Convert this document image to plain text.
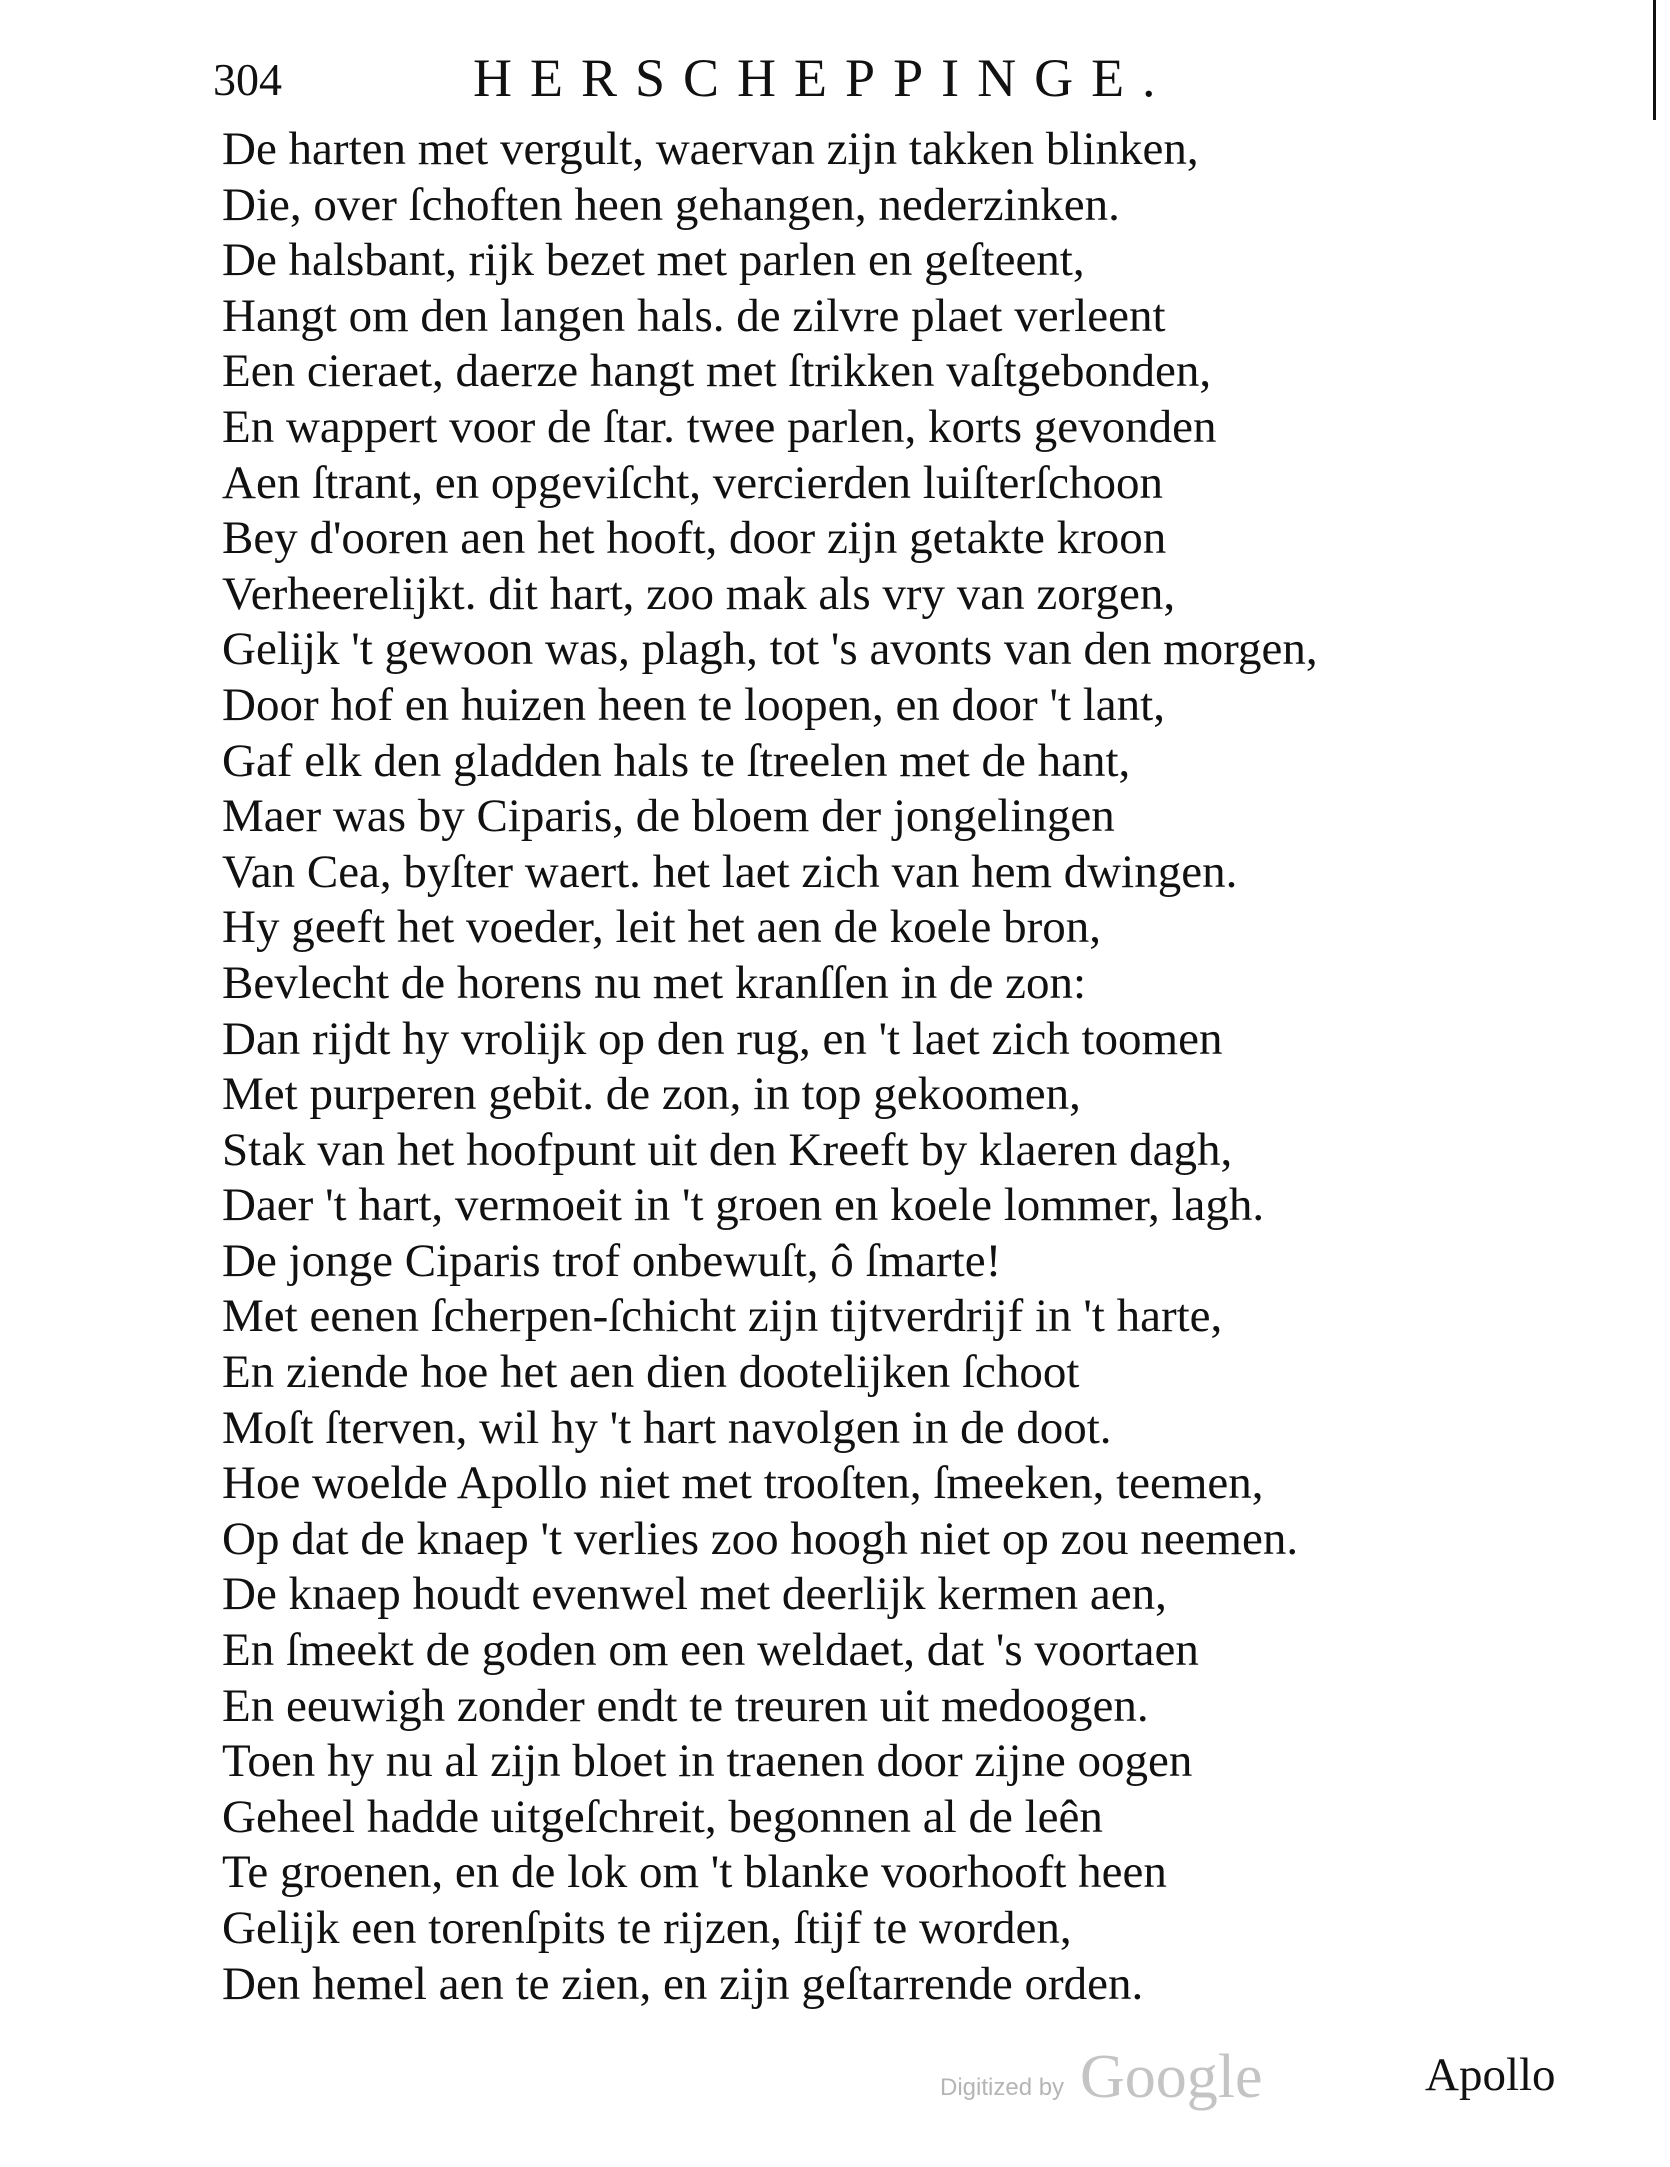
304	HERSCHEPPINGE.
De harten met vergult, waervan zijn takken blinken,
Die, over ſchoften heen gehangen, nederzinken.
De halsbant, rijk bezet met parlen en geſteent,
Hangt om den langen hals. de zilvre plaet verleent
Een cieraet, daerze hangt met ſtrikken vaſtgebonden,
En wappert voor de ſtar. twee parlen, korts gevonden
Aen ſtrant, en opgeviſcht, vercierden luiſterſchoon
Bey d'ooren aen het hooft, door zijn getakte kroon
Verheerelijkt. dit hart, zoo mak als vry van zorgen,
Gelijk 't gewoon was, plagh, tot 's avonts van den morgen,
Door hof en huizen heen te loopen, en door 't lant,
Gaf elk den gladden hals te ſtreelen met de hant,
Maer was by Ciparis, de bloem der jongelingen
Van Cea, byſter waert. het laet zich van hem dwingen.
Hy geeft het voeder, leit het aen de koele bron,
Bevlecht de horens nu met kranſſen in de zon:
Dan rijdt hy vrolijk op den rug, en 't laet zich toomen
Met purperen gebit. de zon, in top gekoomen,
Stak van het hoofpunt uit den Kreeft by klaeren dagh,
Daer 't hart, vermoeit in 't groen en koele lommer, lagh.
De jonge Ciparis trof onbewuſt, ô ſmarte!
Met eenen ſcherpen-ſchicht zijn tijtverdrijf in 't harte,
En ziende hoe het aen dien dootelijken ſchoot
Moſt ſterven, wil hy 't hart navolgen in de doot.
Hoe woelde Apollo niet met trooſten, ſmeeken, teemen,
Op dat de knaep 't verlies zoo hoogh niet op zou neemen.
De knaep houdt evenwel met deerlijk kermen aen,
En ſmeekt de goden om een weldaet, dat 's voortaen
En eeuwigh zonder endt te treuren uit medoogen.
Toen hy nu al zijn bloet in traenen door zijne oogen
Geheel hadde uitgeſchreit, begonnen al de leên
Te groenen, en de lok om 't blanke voorhooft heen
Gelijk een torenſpits te rijzen, ſtijf te worden,
Den hemel aen te zien, en zijn geſtarrende orden.
Digitized by Google	Apollo
